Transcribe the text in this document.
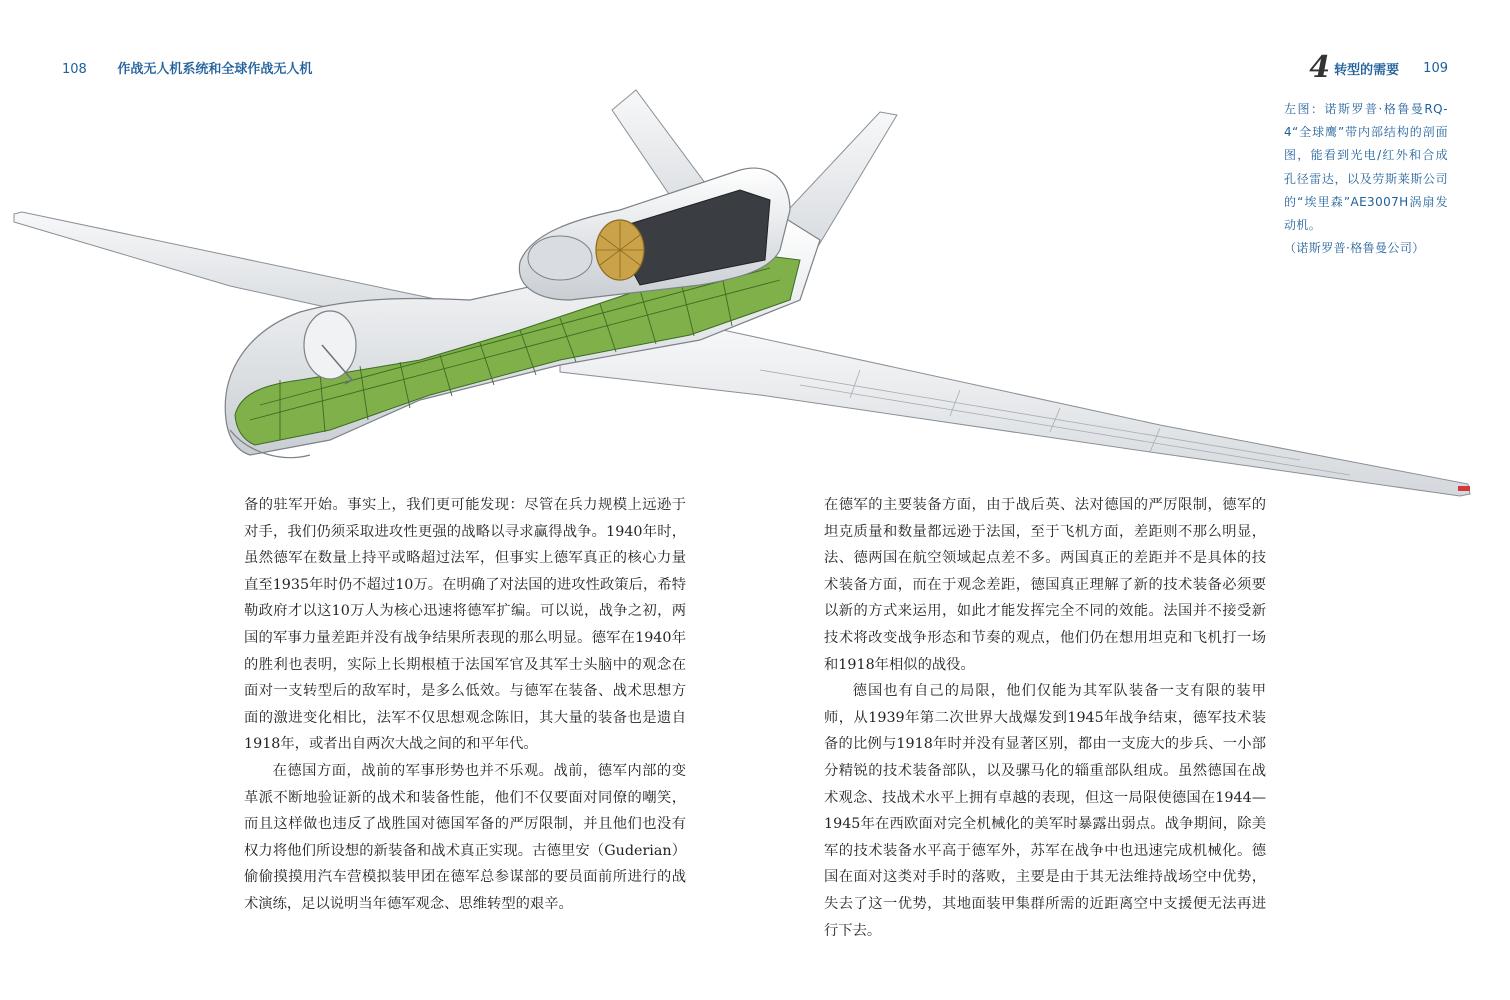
108 作战无人机系统和全球作战无人机	4 转型的需要 109
左图：诺斯罗普·格鲁曼RQ-4“全球鹰”带内部结构的剖面图，能看到光电/红外和合成孔径雷达，以及劳斯莱斯公司的“埃里森”AE3007H涡扇发动机。
（诺斯罗普·格鲁曼公司）

备的驻军开始。事实上，我们更可能发现：尽管在兵力规模上远逊于对手，我们仍须采取进攻性更强的战略以寻求赢得战争。1940年时，虽然德军在数量上持平或略超过法军，但事实上德军真正的核心力量直至1935年时仍不超过10万。在明确了对法国的进攻性政策后，希特勒政府才以这10万人为核心迅速将德军扩编。可以说，战争之初，两国的军事力量差距并没有战争结果所表现的那么明显。德军在1940年的胜利也表明，实际上长期根植于法国军官及其军士头脑中的观念在面对一支转型后的敌军时，是多么低效。与德军在装备、战术思想方面的激进变化相比，法军不仅思想观念陈旧，其大量的装备也是遗自1918年，或者出自两次大战之间的和平年代。

在德国方面，战前的军事形势也并不乐观。战前，德军内部的变革派不断地验证新的战术和装备性能，他们不仅要面对同僚的嘲笑，而且这样做也违反了战胜国对德国军备的严厉限制，并且他们也没有权力将他们所设想的新装备和战术真正实现。古德里安（Guderian）偷偷摸摸用汽车营模拟装甲团在德军总参谋部的要员面前所进行的战术演练，足以说明当年德军观念、思维转型的艰辛。

在德军的主要装备方面，由于战后英、法对德国的严厉限制，德军的坦克质量和数量都远逊于法国，至于飞机方面，差距则不那么明显，法、德两国在航空领域起点差不多。两国真正的差距并不是具体的技术装备方面，而在于观念差距，德国真正理解了新的技术装备必须要以新的方式来运用，如此才能发挥完全不同的效能。法国并不接受新技术将改变战争形态和节奏的观点，他们仍在想用坦克和飞机打一场和1918年相似的战役。

德国也有自己的局限，他们仅能为其军队装备一支有限的装甲师，从1939年第二次世界大战爆发到1945年战争结束，德军技术装备的比例与1918年时并没有显著区别，都由一支庞大的步兵、一小部分精锐的技术装备部队，以及骡马化的辎重部队组成。虽然德国在战术观念、技战术水平上拥有卓越的表现，但这一局限使德国在1944—1945年在西欧面对完全机械化的美军时暴露出弱点。战争期间，除美军的技术装备水平高于德军外，苏军在战争中也迅速完成机械化。德国在面对这类对手时的落败，主要是由于其无法维持战场空中优势，失去了这一优势，其地面装甲集群所需的近距离空中支援便无法再进行下去。
